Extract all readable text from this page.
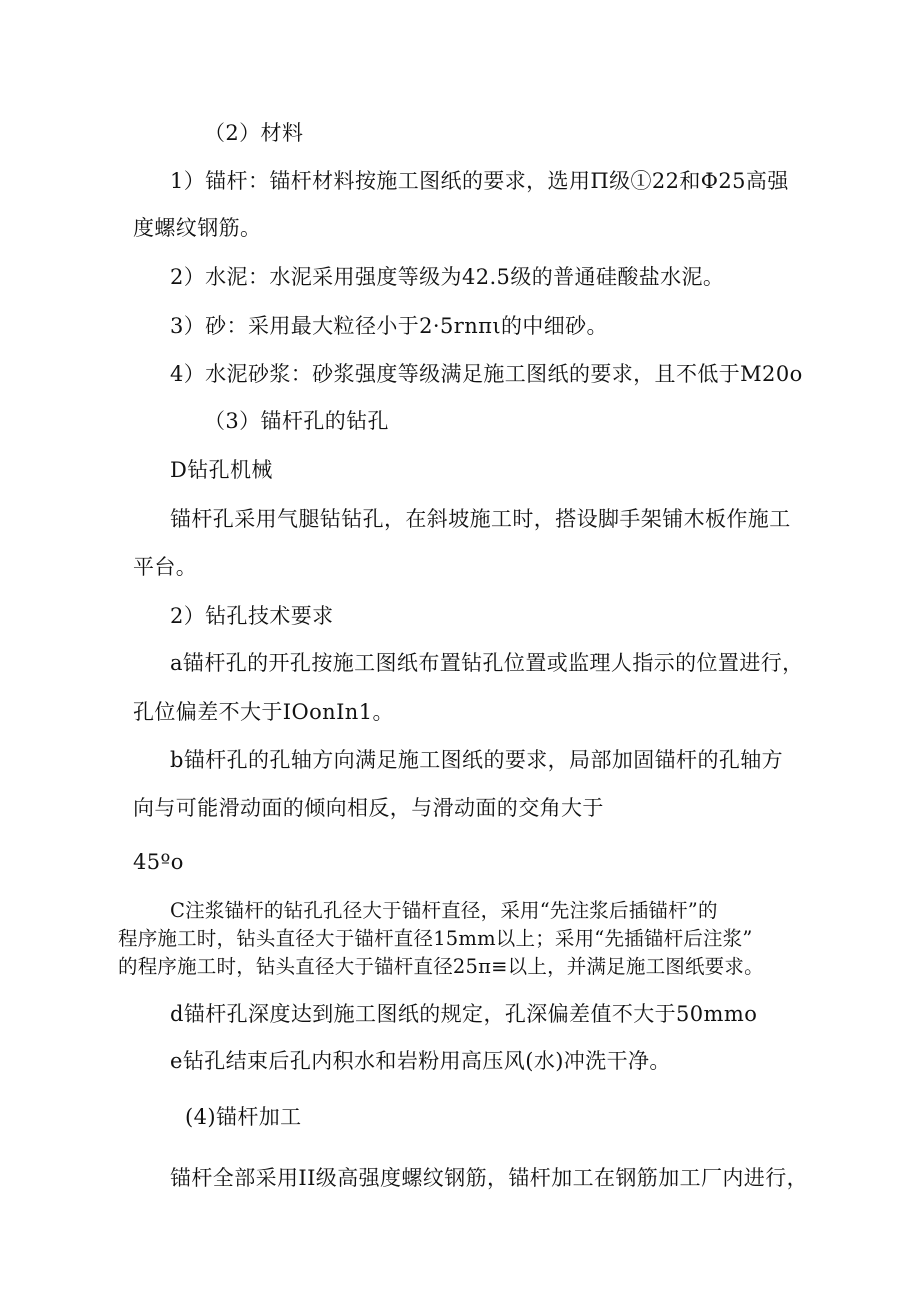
（2）材料
1）锚杆：锚杆材料按施工图纸的要求，选用Π级①22和Φ25高强
度螺纹钢筋。
2）水泥：水泥采用强度等级为42.5级的普通硅酸盐水泥。
3）砂：采用最大粒径小于2·5rnπι的中细砂。
4）水泥砂浆：砂浆强度等级满足施工图纸的要求，且不低于M20o
（3）锚杆孔的钻孔
D钻孔机械
锚杆孔采用气腿钻钻孔，在斜坡施工时，搭设脚手架铺木板作施工
平台。
2）钻孔技术要求
a锚杆孔的开孔按施工图纸布置钻孔位置或监理人指示的位置进行，
孔位偏差不大于IOonIn1。
b锚杆孔的孔轴方向满足施工图纸的要求，局部加固锚杆的孔轴方
向与可能滑动面的倾向相反，与滑动面的交角大于
45ºo
C注浆锚杆的钻孔孔径大于锚杆直径，采用“先注浆后插锚杆”的
程序施工时，钻头直径大于锚杆直径15mm以上；采用“先插锚杆后注浆”
的程序施工时，钻头直径大于锚杆直径25π≡以上，并满足施工图纸要求。
d锚杆孔深度达到施工图纸的规定，孔深偏差值不大于50mmo
e钻孔结束后孔内积水和岩粉用高压风(水)冲洗干净。
(4)锚杆加工
锚杆全部采用II级高强度螺纹钢筋，锚杆加工在钢筋加工厂内进行，
